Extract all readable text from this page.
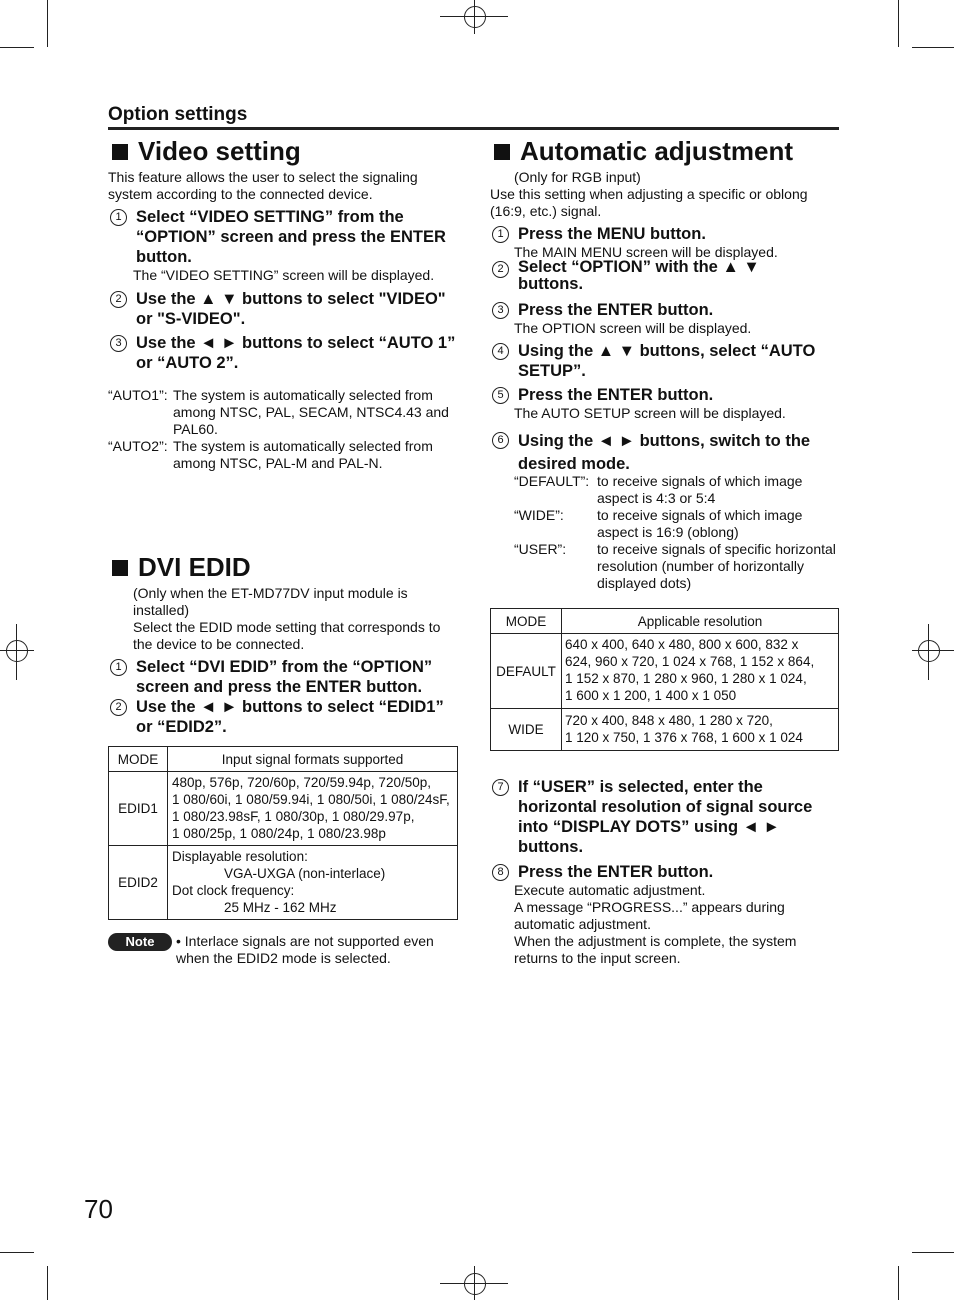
Option settings
Video setting
This feature allows the user to select the signaling system according to the connected device.
1 Select “VIDEO SETTING” from the “OPTION” screen and press the ENTER button.
The “VIDEO SETTING” screen will be displayed.
2 Use the ▲ ▼ buttons to select "VIDEO" or "S-VIDEO".
3 Use the ◄ ► buttons to select “AUTO 1” or “AUTO 2”.
“AUTO1”: The system is automatically selected from among NTSC, PAL, SECAM, NTSC4.43 and PAL60.
“AUTO2”: The system is automatically selected from among NTSC, PAL-M and PAL-N.
DVI EDID
(Only when the ET-MD77DV input module is installed)
Select the EDID mode setting that corresponds to the device to be connected.
1 Select “DVI EDID” from the “OPTION” screen and press the ENTER button.
2 Use the ◄ ► buttons to select “EDID1” or “EDID2”.
MODE	Input signal formats supported
EDID1	480p, 576p, 720/60p, 720/59.94p, 720/50p,
1 080/60i, 1 080/59.94i, 1 080/50i, 1 080/24sF,
1 080/23.98sF, 1 080/30p, 1 080/29.97p,
1 080/25p, 1 080/24p, 1 080/23.98p

EDID2	Displayable resolution:
VGA-UXGA (non-interlace)
Dot clock frequency:
25 MHz - 162 MHz
Note	• Interlace signals are not supported even when the EDID2 mode is selected.
Automatic adjustment
(Only for RGB input)
Use this setting when adjusting a specific or oblong (16:9, etc.) signal.
1 Press the MENU button.
The MAIN MENU screen will be displayed.
2 Select “OPTION” with the ▲ ▼ buttons.
3 Press the ENTER button.
The OPTION screen will be displayed.
4 Using the ▲ ▼ buttons, select “AUTO SETUP”.
5 Press the ENTER button.
The AUTO SETUP screen will be displayed.
6 Using the ◄ ► buttons, switch to the desired mode.
“DEFAULT”: to receive signals of which image aspect is 4:3 or 5:4
“WIDE”:	to receive signals of which image aspect is 16:9 (oblong)
“USER”:	to receive signals of specific horizontal resolution (number of horizontally displayed dots)
MODE	Applicable resolution
DEFAULT	640 x 400, 640 x 480, 800 x 600, 832 x
624, 960 x 720, 1 024 x 768, 1 152 x 864,
1 152 x 870, 1 280 x 960, 1 280 x 1 024,
1 600 x 1 200, 1 400 x 1 050

WIDE	720 x 400, 848 x 480, 1 280 x 720,
1 120 x 750, 1 376 x 768, 1 600 x 1 024
7 If “USER” is selected, enter the horizontal resolution of signal source into “DISPLAY DOTS” using ◄ ► buttons.
8 Press the ENTER button.
Execute automatic adjustment.
A message “PROGRESS...” appears during automatic adjustment.
When the adjustment is complete, the system returns to the input screen.
70
